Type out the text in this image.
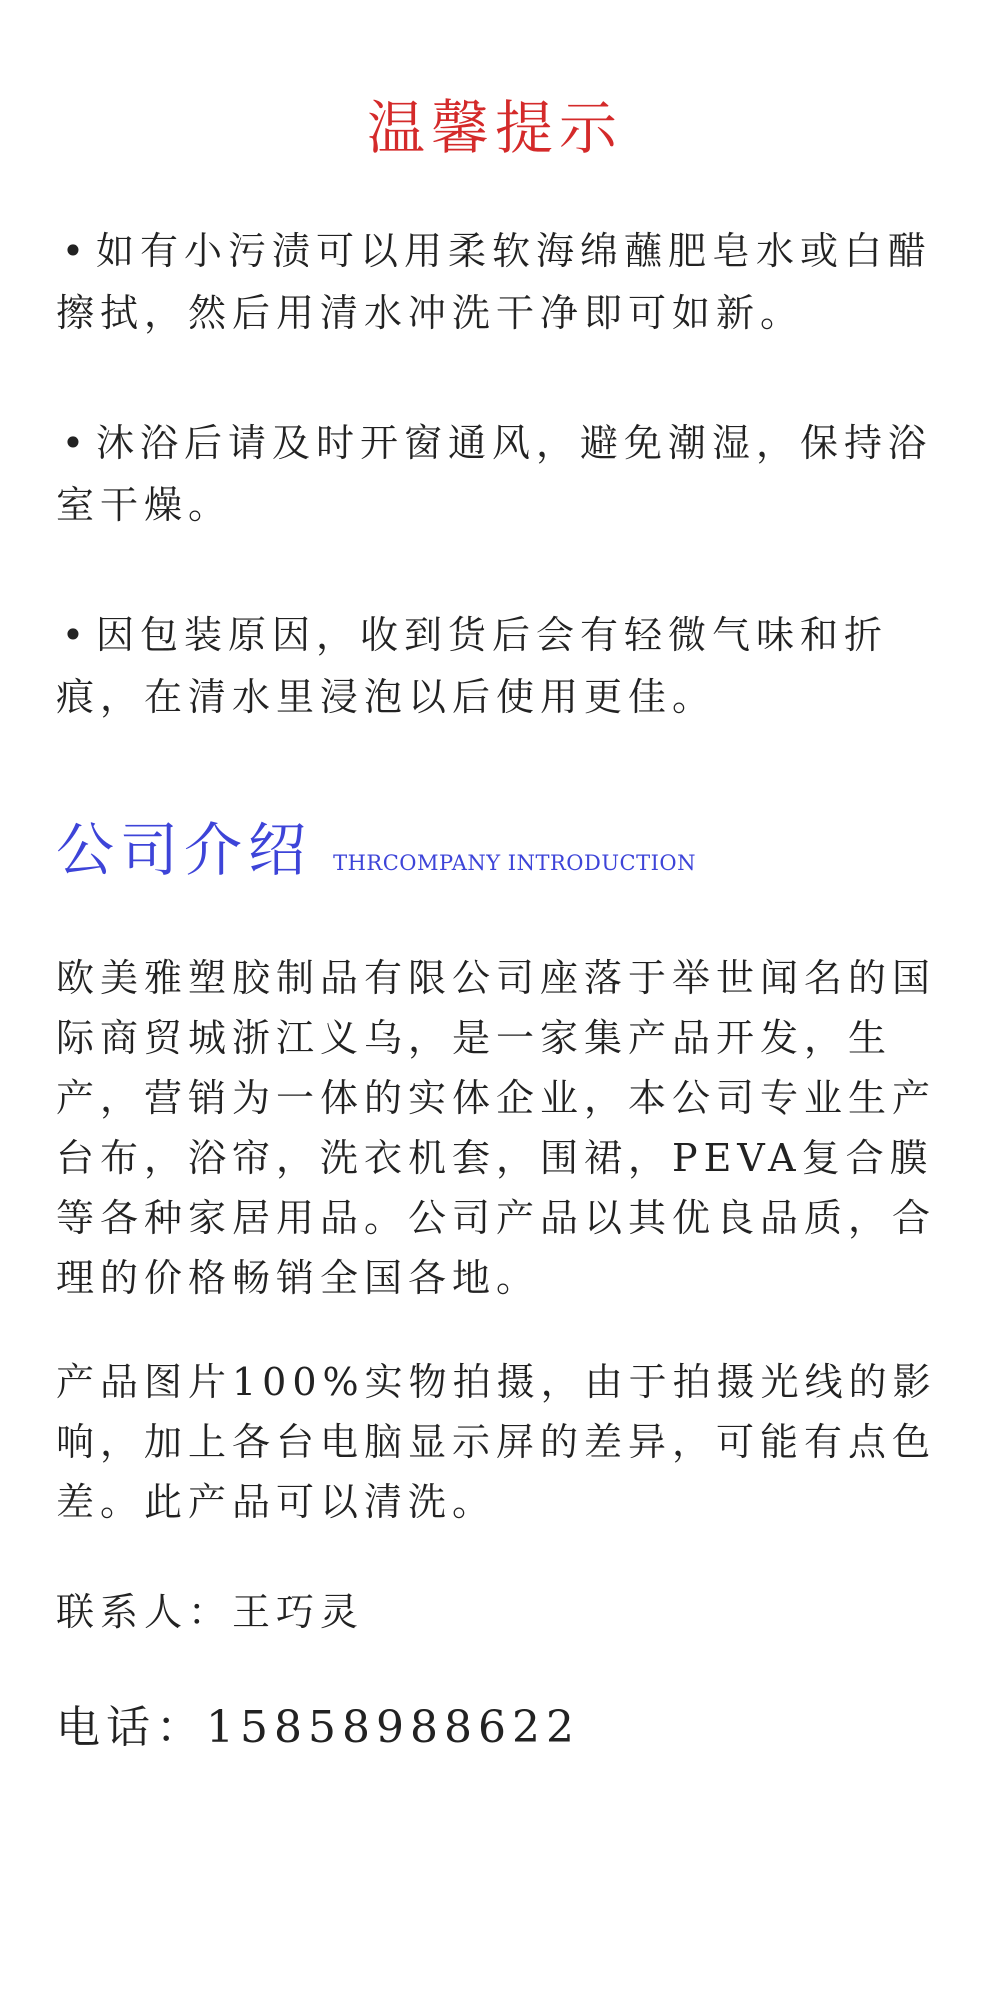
温馨提示

• 如有小污渍可以用柔软海绵蘸肥皂水或白醋擦拭，然后用清水冲洗干净即可如新。

• 沐浴后请及时开窗通风，避免潮湿，保持浴室干燥。

• 因包装原因，收到货后会有轻微气味和折痕，在清水里浸泡以后使用更佳。

公司介绍 THRCOMPANY INTRODUCTION

欧美雅塑胶制品有限公司座落于举世闻名的国际商贸城浙江义乌，是一家集产品开发，生产，营销为一体的实体企业，本公司专业生产台布，浴帘，洗衣机套，围裙，PEVA复合膜等各种家居用品。公司产品以其优良品质，合理的价格畅销全国各地。

产品图片100%实物拍摄，由于拍摄光线的影响，加上各台电脑显示屏的差异，可能有点色差。此产品可以清洗。

联系人：王巧灵

电话：15858988622
